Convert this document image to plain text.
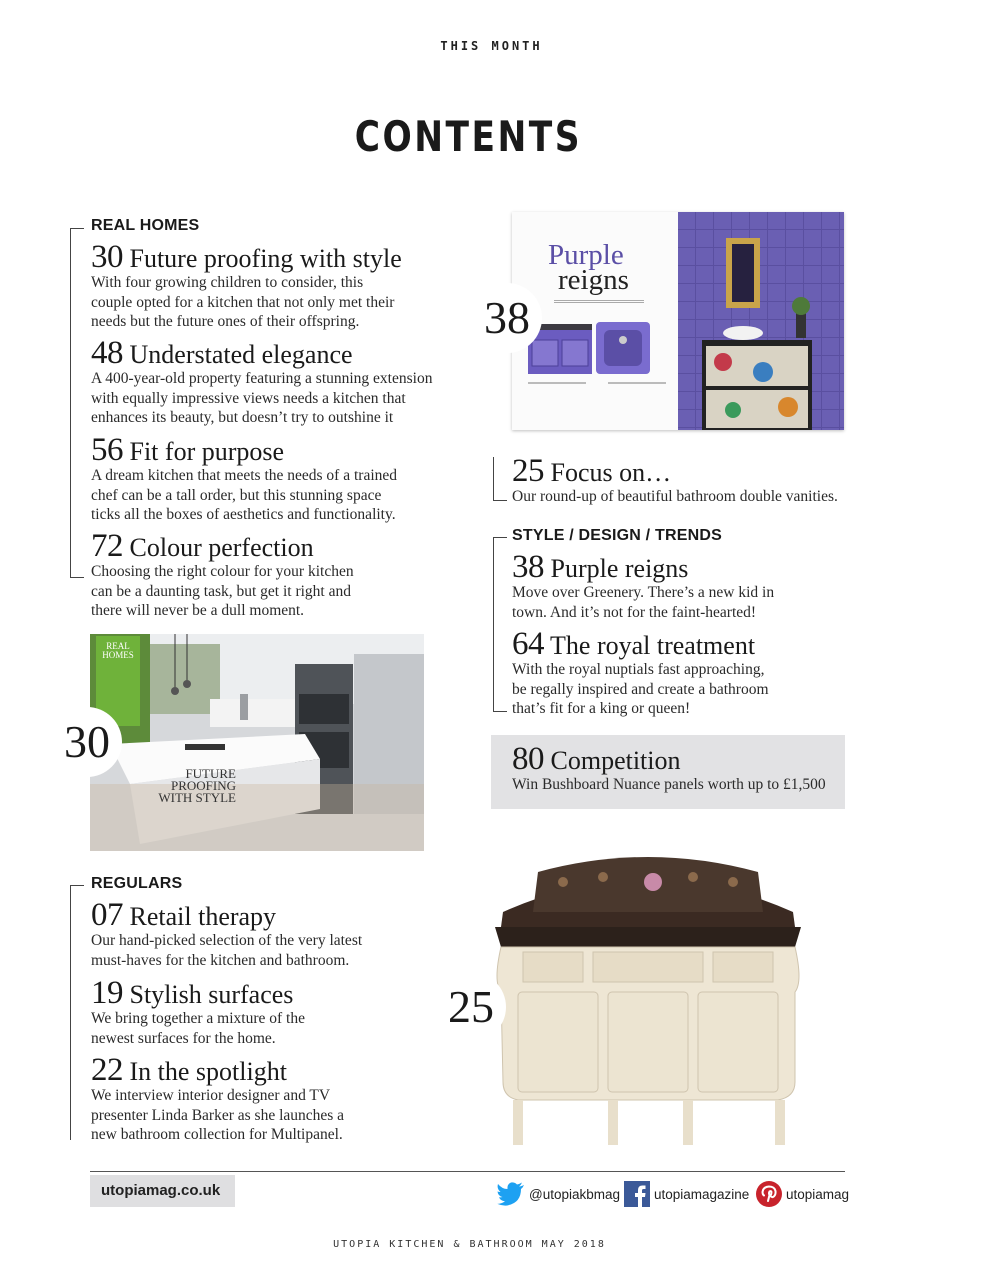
THIS MONTH
CONTENTS
REAL HOMES
30 Future proofing with style
With four growing children to consider, this
couple opted for a kitchen that not only met their
needs but the future ones of their offspring.
48 Understated elegance
A 400-year-old property featuring a stunning extension
with equally impressive views needs a kitchen that
enhances its beauty, but doesn’t try to outshine it
56 Fit for purpose
A dream kitchen that meets the needs of a trained
chef can be a tall order, but this stunning space
ticks all the boxes of aesthetics and functionality.
72 Colour perfection
Choosing the right colour for your kitchen
can be a daunting task, but get it right and
there will never be a dull moment.
Purple
reigns
38
25 Focus on…
Our round-up of beautiful bathroom double vanities.
STYLE / DESIGN / TRENDS
38 Purple reigns
Move over Greenery. There’s a new kid in
town. And it’s not for the faint-hearted!
64 The royal treatment
With the royal nuptials fast approaching,
be regally inspired and create a bathroom
that’s fit for a king or queen!
80 Competition
Win Bushboard Nuance panels worth up to £1,500
REAL
HOMES
FUTURE
PROOFING
WITH STYLE
30
REGULARS
07 Retail therapy
Our hand-picked selection of the very latest
must-haves for the kitchen and bathroom.
19 Stylish surfaces
We bring together a mixture of the
newest surfaces for the home.
22 In the spotlight
We interview interior designer and TV
presenter Linda Barker as she launches a
new bathroom collection for Multipanel.
25
utopiamag.co.uk	@utopiakbmag	utopiamagazine	utopiamag
UTOPIA KITCHEN & BATHROOM MAY 2018
